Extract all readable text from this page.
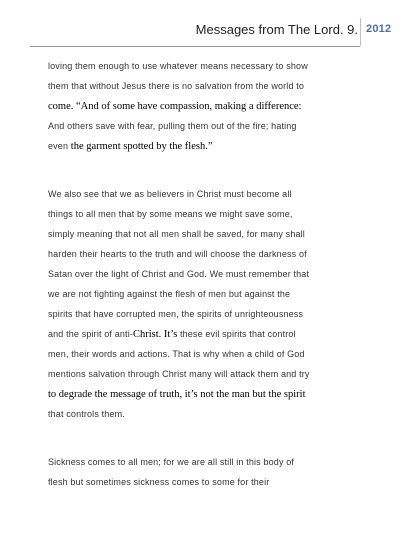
Messages from The Lord. 9. 2012
loving them enough to use whatever means necessary to show
them that without Jesus there is no salvation from the world to
come. “And of some have compassion, making a difference:
And others save with fear, pulling them out of the fire; hating
even the garment spotted by the flesh.”
We also see that we as believers in Christ must become all
things to all men that by some means we might save some,
simply meaning that not all men shall be saved, for many shall
harden their hearts to the truth and will choose the darkness of
Satan over the light of Christ and God. We must remember that
we are not fighting against the flesh of men but against the
spirits that have corrupted men, the spirits of unrighteousness
and the spirit of anti-Christ. It’s these evil spirits that control
men, their words and actions. That is why when a child of God
mentions salvation through Christ many will attack them and try
to degrade the message of truth, it’s not the man but the spirit
that controls them.
Sickness comes to all men; for we are all still in this body of
flesh but sometimes sickness comes to some for their
